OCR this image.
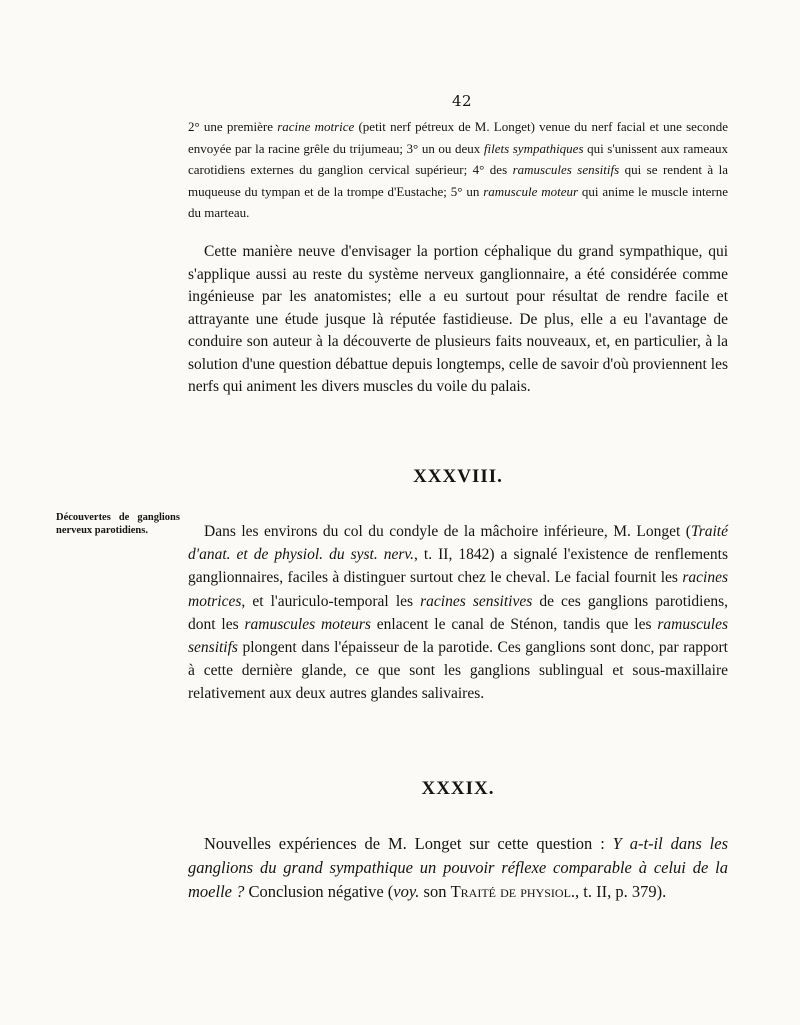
42

2° une première racine motrice (petit nerf pétreux de M. Longet) venue du nerf facial et une seconde envoyée par la racine grêle du trijumeau; 3° un ou deux filets sympathiques qui s'unissent aux rameaux carotidiens externes du ganglion cervical supérieur; 4° des ramuscules sensitifs qui se rendent à la muqueuse du tympan et de la trompe d'Eustache; 5° un ramuscule moteur qui anime le muscle interne du marteau.

Cette manière neuve d'envisager la portion céphalique du grand sympathique, qui s'applique aussi au reste du système nerveux ganglionnaire, a été considérée comme ingénieuse par les anatomistes; elle a eu surtout pour résultat de rendre facile et attrayante une étude jusque là réputée fastidieuse. De plus, elle a eu l'avantage de conduire son auteur à la découverte de plusieurs faits nouveaux, et, en particulier, à la solution d'une question débattue depuis longtemps, celle de savoir d'où proviennent les nerfs qui animent les divers muscles du voile du palais.

XXXVIII.
Découvertes de ganglions nerveux parotidiens.	Dans les environs du col du condyle de la mâchoire inférieure, M. Longet (Traité d'anat. et de physiol. du syst. nerv., t. II, 1842) a signalé l'existence de renflements ganglionnaires, faciles à distinguer surtout chez le cheval. Le facial fournit les racines motrices, et l'auriculo-temporal les racines sensitives de ces ganglions parotidiens, dont les ramuscules moteurs enlacent le canal de Sténon, tandis que les ramuscules sensitifs plongent dans l'épaisseur de la parotide. Ces ganglions sont donc, par rapport à cette dernière glande, ce que sont les ganglions sublingual et sous-maxillaire relativement aux deux autres glandes salivaires.

XXXIX.

Nouvelles expériences de M. Longet sur cette question : Y a-t-il dans les ganglions du grand sympathique un pouvoir réflexe comparable à celui de la moelle ? Conclusion négative (voy. son Traité de physiol., t. II, p. 379).
